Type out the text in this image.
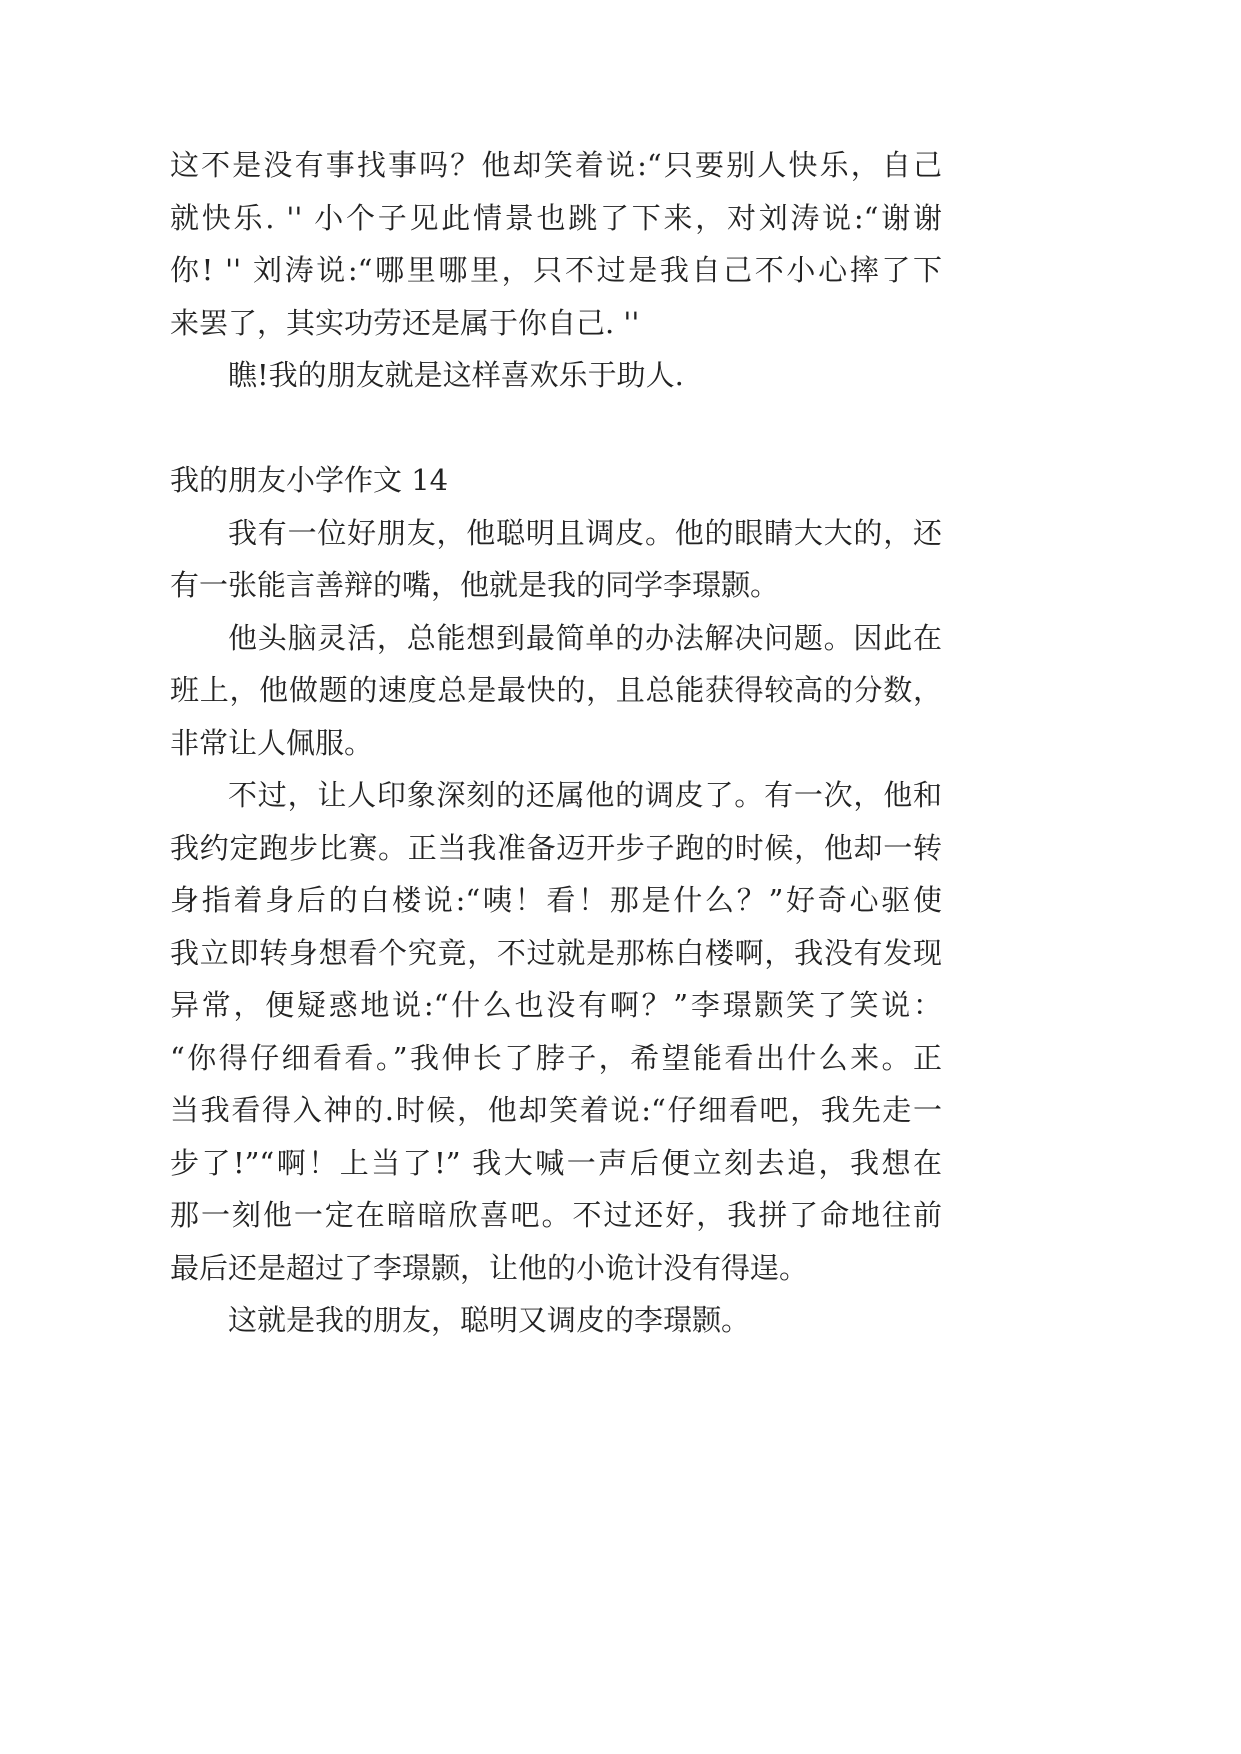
这不是没有事找事吗？他却笑着说:“只要别人快乐，自己
就快乐. '' 小个子见此情景也跳了下来，对刘涛说:“谢谢
你! '' 刘涛说:“哪里哪里，只不过是我自己不小心摔了下
来罢了，其实功劳还是属于你自己. ''
瞧!我的朋友就是这样喜欢乐于助人.
我的朋友小学作文 14
我有一位好朋友，他聪明且调皮。他的眼睛大大的，还
有一张能言善辩的嘴，他就是我的同学李璟颢。
他头脑灵活，总能想到最简单的办法解决问题。因此在
班上，他做题的速度总是最快的，且总能获得较高的分数，
非常让人佩服。
不过，让人印象深刻的还属他的调皮了。有一次，他和
我约定跑步比赛。正当我准备迈开步子跑的时候，他却一转
身指着身后的白楼说:“咦！看！那是什么？”好奇心驱使
我立即转身想看个究竟，不过就是那栋白楼啊，我没有发现
异常，便疑惑地说:“什么也没有啊？”李璟颢笑了笑说：
“你得仔细看看。”我伸长了脖子，希望能看出什么来。正
当我看得入神的.时候，他却笑着说:“仔细看吧，我先走一
步了!”“啊！上当了!” 我大喊一声后便立刻去追，我想在
那一刻他一定在暗暗欣喜吧。不过还好，我拼了命地往前
最后还是超过了李璟颢，让他的小诡计没有得逞。
这就是我的朋友，聪明又调皮的李璟颢。
